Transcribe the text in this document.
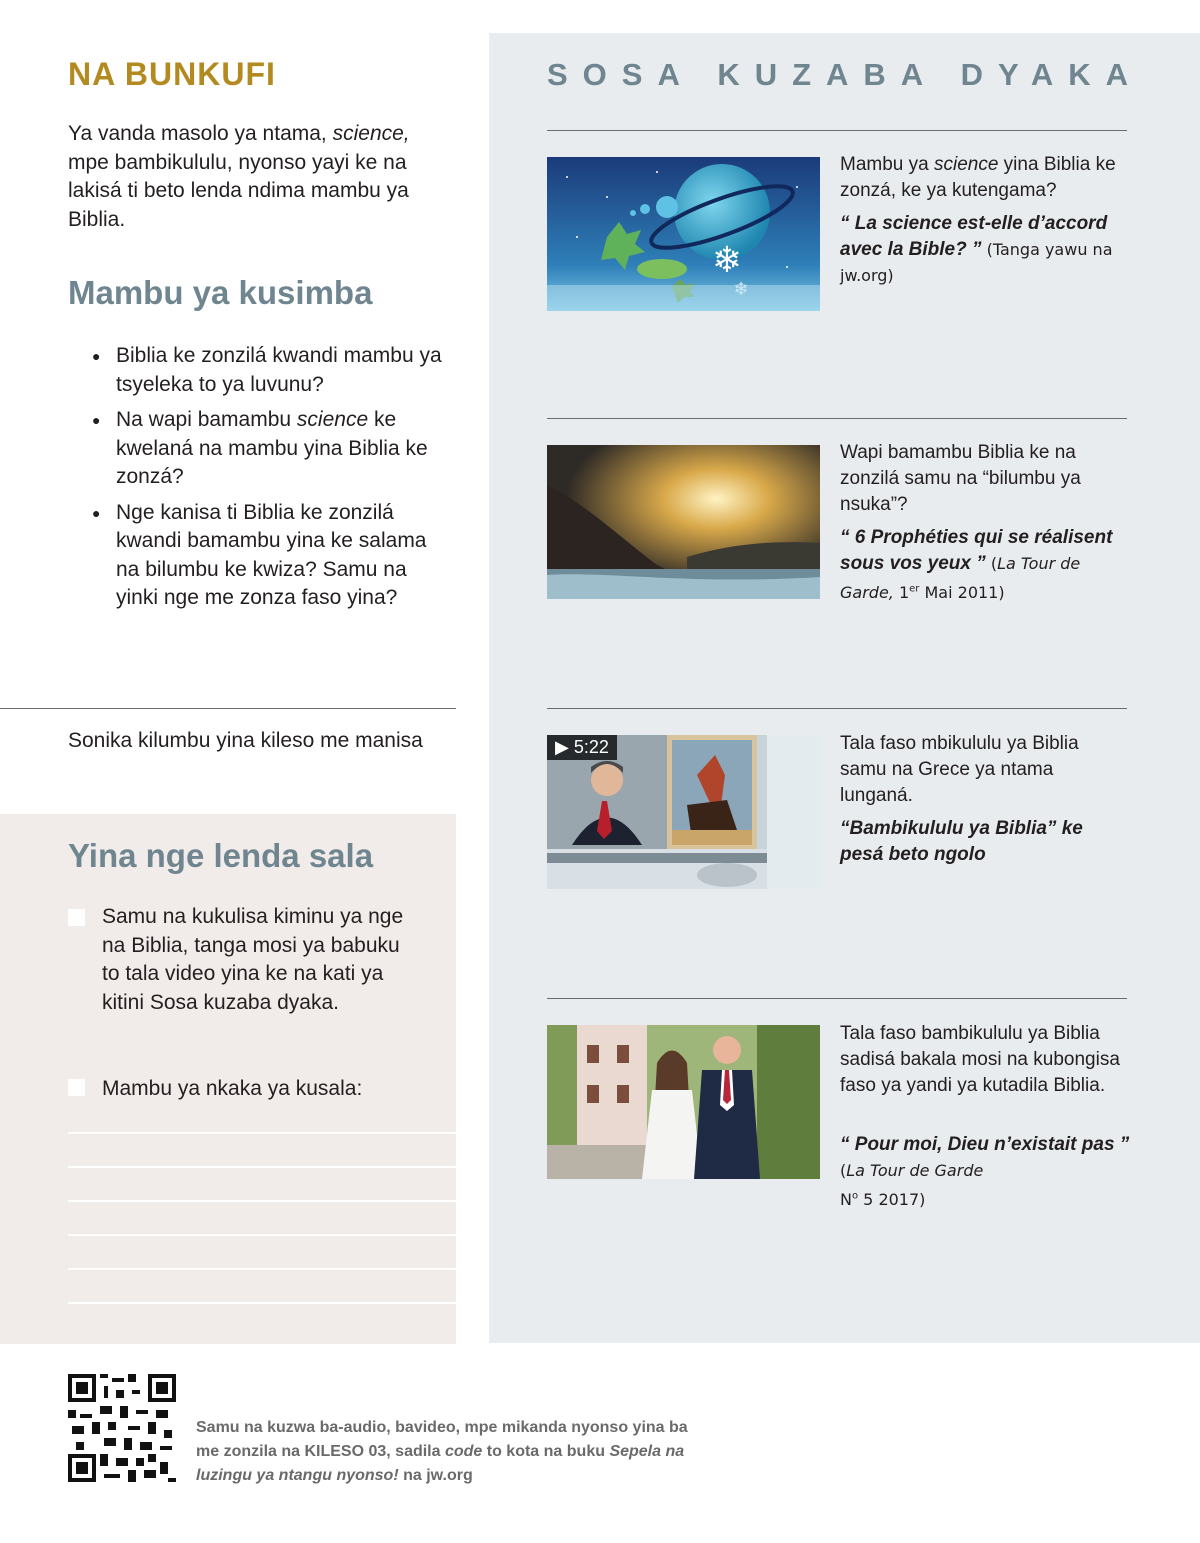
NA BUNKUFI
Ya vanda masolo ya ntama, science, mpe bambikululu, nyonso yayi ke na lakisá ti beto lenda ndima mambu ya Biblia.
Mambu ya kusimba
● Biblia ke zonzilá kwandi mambu ya tsyeleka to ya luvunu?
● Na wapi bamambu science ke kwelaná na mambu yina Biblia ke zonzá?
● Nge kanisa ti Biblia ke zonzilá kwandi bamambu yina ke salama na bilumbu ke kwiza? Samu na yinki nge me zonza faso yina?
Sonika kilumbu yina kileso me manisa
Yina nge lenda sala
Samu na kukulisa kiminu ya nge na Biblia, tanga mosi ya babuku to tala video yina ke na kati ya kitini Sosa kuzaba dyaka.
Mambu ya nkaka ya kusala:
SOSA KUZABA DYAKA
❄
Mambu ya science yina Biblia ke zonzá, ke ya kutengama?
“ La science est-elle d’accord avec la Bible? ” (Tanga yawu na jw.org)
Wapi bamambu Biblia ke na zonzilá samu na “bilumbu ya nsuka”?
“ 6 Prophéties qui se réalisent sous vos yeux ” (La Tour de Garde, 1er Mai 2011)
▶ 5:22	Tala faso mbikululu ya Biblia samu na Grece ya ntama lunganá.
“Bambikululu ya Biblia” ke pesá beto ngolo
Tala faso bambikululu ya Biblia sadisá bakala mosi na kubongisa faso ya yandi ya kutadila Biblia.
“ Pour moi, Dieu n’existait pas ” (La Tour de Garde
$N^o$ 5 2017)
Samu na kuzwa ba-audio, bavideo, mpe mikanda nyonso yina ba me zonzila na KILESO 03, sadila code to kota na buku Sepela na luzingu ya ntangu nyonso! na jw.org
